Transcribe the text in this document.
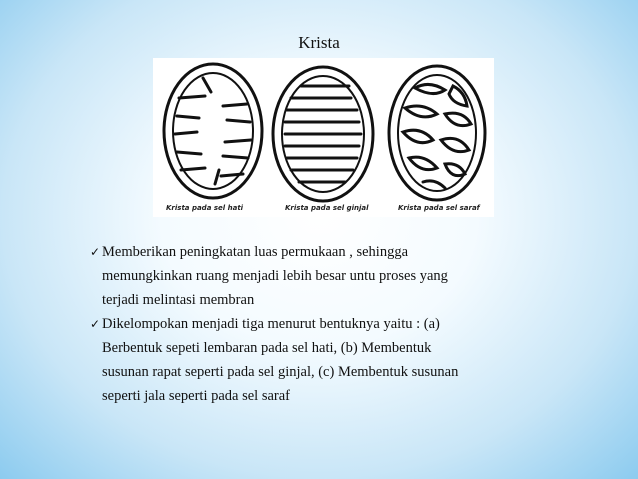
Krista
Krista pada sel hati	Krista pada sel ginjal	Krista pada sel saraf

✓ Memberikan peningkatan luas permukaan , sehingga

memungkinkan ruang menjadi lebih besar untu proses yang

terjadi melintasi membran

✓ Dikelompokan menjadi tiga menurut bentuknya yaitu : (a)

Berbentuk sepeti lembaran pada sel hati, (b) Membentuk

susunan rapat seperti pada sel ginjal, (c) Membentuk susunan

seperti jala seperti pada sel saraf
